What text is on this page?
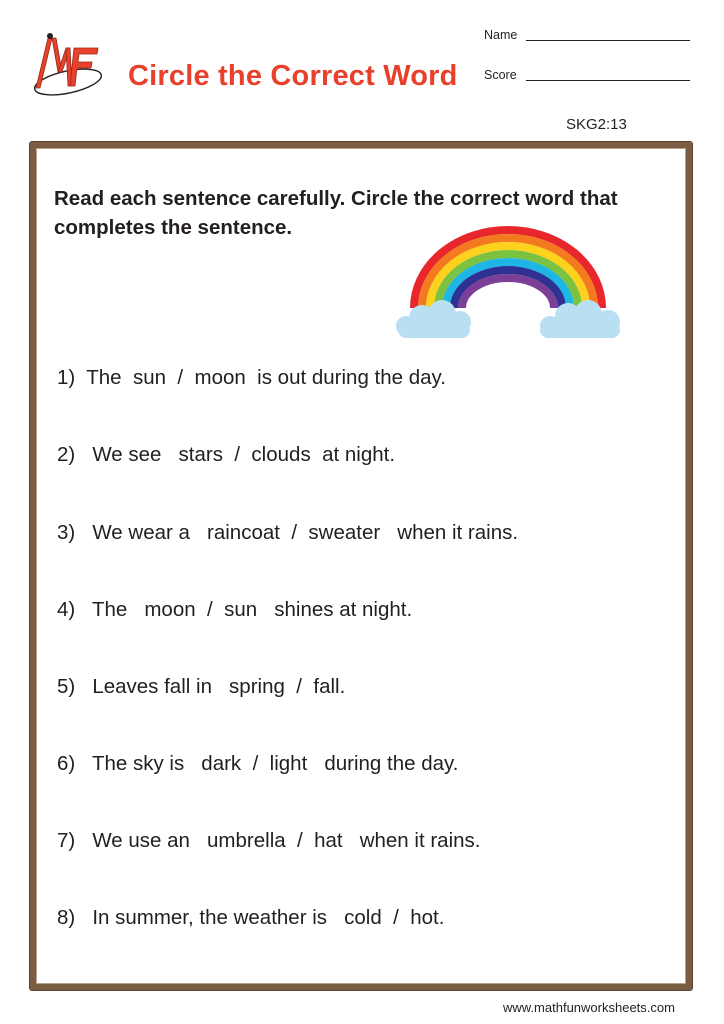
Circle the Correct Word
Name
Score
SKG2:13
Read each sentence carefully. Circle the correct word that completes the sentence.
1)  The  sun  /  moon  is out during the day.
2)   We see   stars  /  clouds  at night.
3)   We wear a   raincoat  /  sweater   when it rains.
4)   The   moon  /  sun   shines at night.
5)   Leaves fall in   spring  /  fall.
6)   The sky is   dark  /  light   during the day.
7)   We use an   umbrella  /  hat   when it rains.
8)   In summer, the weather is   cold  /  hot.
www.mathfunworksheets.com
